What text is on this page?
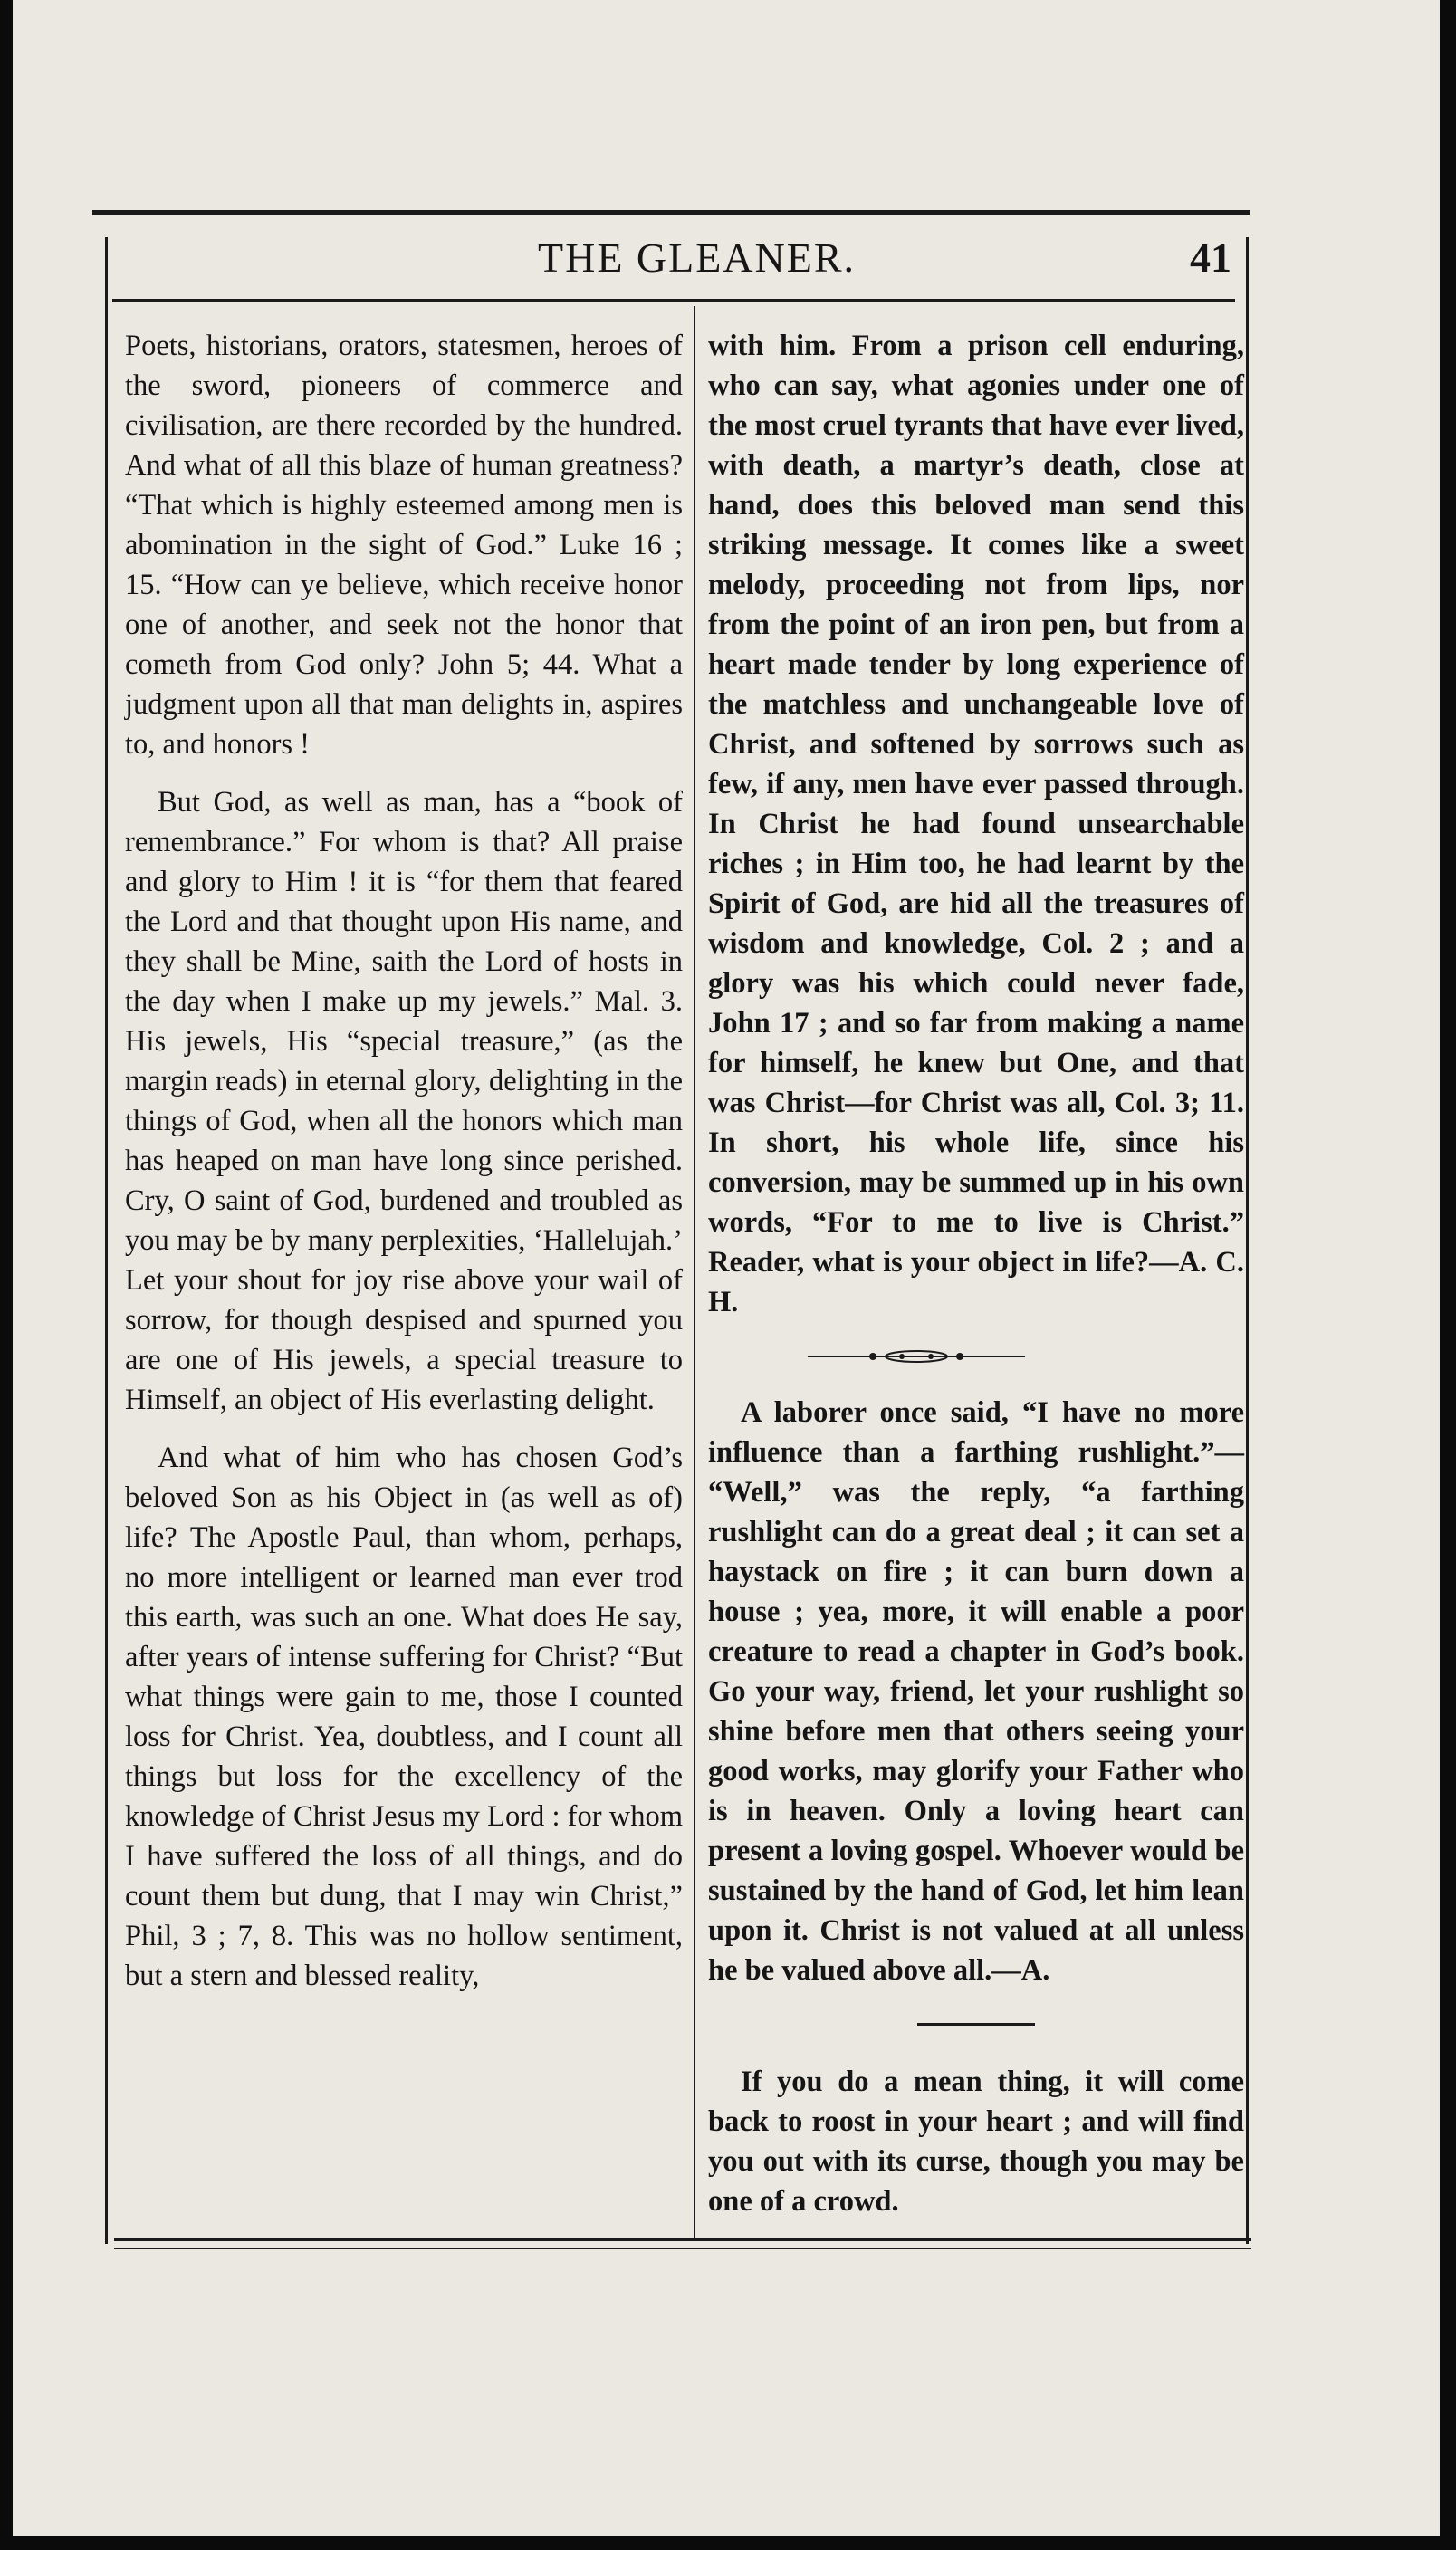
THE GLEANER.	41

Poets, historians, orators, statesmen, heroes of the sword, pioneers of commerce and civilisation, are there recorded by the hundred. And what of all this blaze of human greatness? “That which is highly esteemed among men is abomination in the sight of God.” Luke 16 ; 15. “How can ye believe, which receive honor one of another, and seek not the honor that cometh from God only? John 5; 44. What a judgment upon all that man delights in, aspires to, and honors !

But God, as well as man, has a “book of remembrance.” For whom is that? All praise and glory to Him ! it is “for them that feared the Lord and that thought upon His name, and they shall be Mine, saith the Lord of hosts in the day when I make up my jewels.” Mal. 3. His jewels, His “special treasure,” (as the margin reads) in eternal glory, delighting in the things of God, when all the honors which man has heaped on man have long since perished. Cry, O saint of God, burdened and troubled as you may be by many perplexities, ‘Hallelujah.’ Let your shout for joy rise above your wail of sorrow, for though despised and spurned you are one of His jewels, a special treasure to Himself, an object of His everlasting delight.

And what of him who has chosen God’s beloved Son as his Object in (as well as of) life? The Apostle Paul, than whom, perhaps, no more intelligent or learned man ever trod this earth, was such an one. What does He say, after years of intense suffering for Christ? “But what things were gain to me, those I counted loss for Christ. Yea, doubtless, and I count all things but loss for the excellency of the knowledge of Christ Jesus my Lord : for whom I have suffered the loss of all things, and do count them but dung, that I may win Christ,” Phil, 3 ; 7, 8. This was no hollow sentiment, but a stern and blessed reality,

with him. From a prison cell enduring, who can say, what agonies under one of the most cruel tyrants that have ever lived, with death, a martyr’s death, close at hand, does this beloved man send this striking message. It comes like a sweet melody, proceeding not from lips, nor from the point of an iron pen, but from a heart made tender by long experience of the matchless and unchangeable love of Christ, and softened by sorrows such as few, if any, men have ever passed through. In Christ he had found unsearchable riches ; in Him too, he had learnt by the Spirit of God, are hid all the treasures of wisdom and knowledge, Col. 2 ; and a glory was his which could never fade, John 17 ; and so far from making a name for himself, he knew but One, and that was Christ—for Christ was all, Col. 3; 11. In short, his whole life, since his conversion, may be summed up in his own words, “For to me to live is Christ.” Reader, what is your object in life?—A. C. H.

A laborer once said, “I have no more influence than a farthing rushlight.”— “Well,” was the reply, “a farthing rushlight can do a great deal ; it can set a haystack on fire ; it can burn down a house ; yea, more, it will enable a poor creature to read a chapter in God’s book. Go your way, friend, let your rushlight so shine before men that others seeing your good works, may glorify your Father who is in heaven. Only a loving heart can present a loving gospel. Whoever would be sustained by the hand of God, let him lean upon it. Christ is not valued at all unless he be valued above all.—A.

If you do a mean thing, it will come back to roost in your heart ; and will find you out with its curse, though you may be one of a crowd.
